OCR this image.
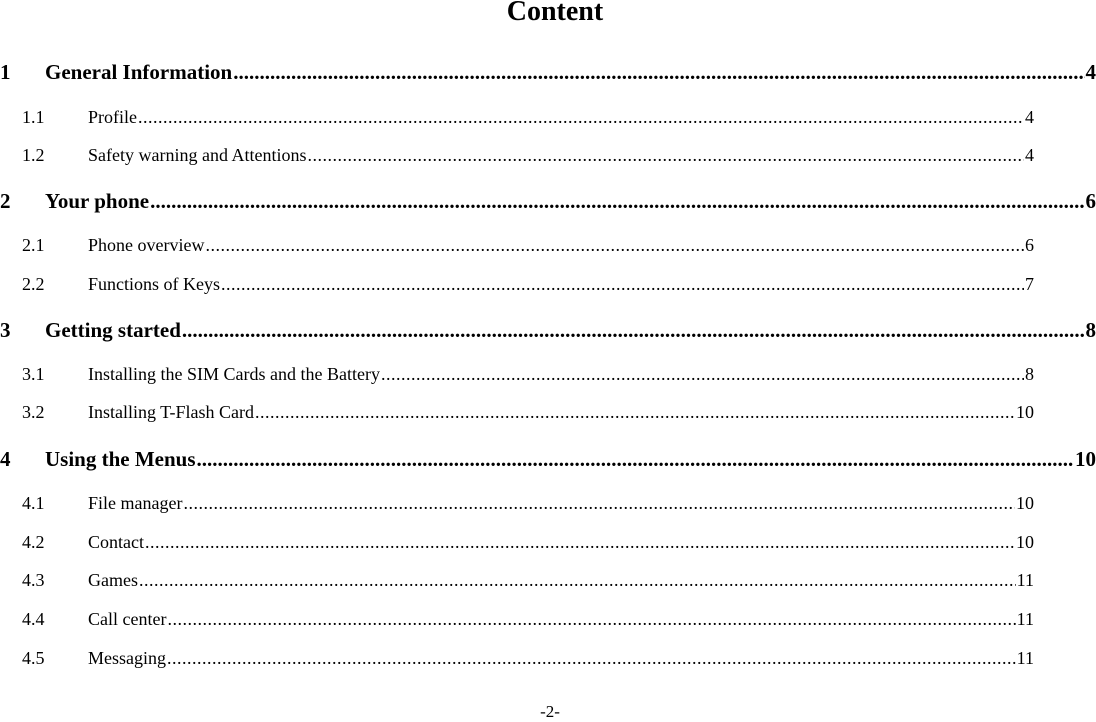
Content
1	General Information .....	4
1.1	Profile .....	4
1.2	Safety warning and Attentions .....	4
2	Your phone .....	6
2.1	Phone overview .....	6
2.2	Functions of Keys .....	7
3	Getting started .....	8
3.1	Installing the SIM Cards and the Battery .....	8
3.2	Installing T-Flash Card .....	10
4	Using the Menus .....	10
4.1	File manager .....	10
4.2	Contact .....	10
4.3	Games .....	11
4.4	Call center .....	11
4.5	Messaging .....	11
-2-
